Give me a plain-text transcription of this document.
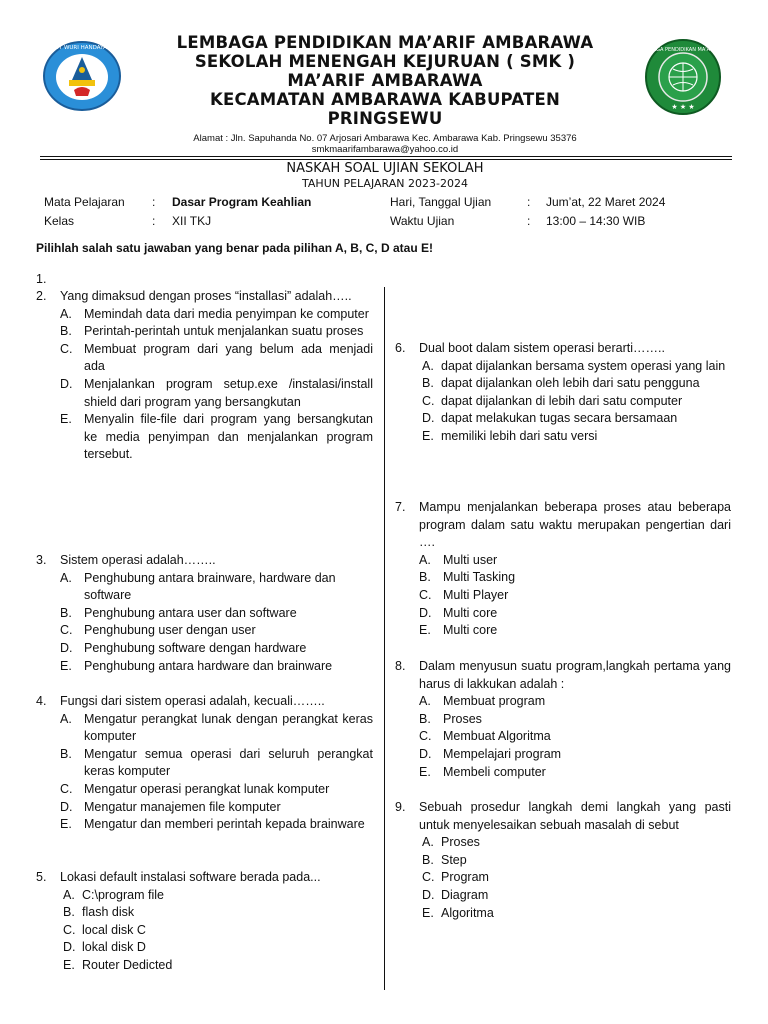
TUT WURI HANDAYANI	LEMBAGA PENDIDIKAN MA'ARIF NU
★ ★ ★
LEMBAGA PENDIDIKAN MA’ARIF AMBARAWA
SEKOLAH MENENGAH KEJURUAN ( SMK )
MA’ARIF AMBARAWA
KECAMATAN AMBARAWA KABUPATEN
PRINGSEWU
Alamat : Jln. Sapuhanda No. 07 Arjosari Ambarawa Kec. Ambarawa Kab. Pringsewu 35376
smkmaarifambarawa@yahoo.co.id
NASKAH SOAL UJIAN SEKOLAH
TAHUN PELAJARAN 2023-2024
Mata Pelajaran : Dasar Program Keahlian
Kelas	: XII TKJ
Hari, Tanggal Ujian	: Jum’at, 22 Maret 2024
Waktu Ujian	: 13:00 – 14:30 WIB
Pilihlah salah satu jawaban yang benar pada pilihan A, B, C, D atau E!
1.
2.	Yang dimaksud dengan proses “installasi” adalah…..
A. Memindah data dari media penyimpan ke computer
B. Perintah-perintah untuk menjalankan suatu proses
C. Membuat program dari yang belum ada menjadi ada
D. Menjalankan program setup.exe /instalasi/install shield dari program yang bersangkutan
E. Menyalin file-file dari program yang bersangkutan ke media penyimpan dan menjalankan program tersebut.
3.	Sistem operasi adalah……..
A. Penghubung antara brainware, hardware dan software
B. Penghubung antara user dan software
C. Penghubung user dengan user
D. Penghubung software dengan hardware
E. Penghubung antara hardware dan brainware
4.	Fungsi dari sistem operasi adalah, kecuali……..
A. Mengatur perangkat lunak dengan perangkat keras komputer
B. Mengatur semua operasi dari seluruh perangkat keras komputer
C. Mengatur operasi perangkat lunak komputer
D. Mengatur manajemen file komputer
E. Mengatur dan memberi perintah kepada brainware
5.	Lokasi default instalasi software berada pada...
A. C:\program file
B. flash disk
C. local disk C
D. lokal disk D
E. Router Dedicted
6.	Dual boot dalam sistem operasi berarti……..
A. dapat dijalankan bersama system operasi yang lain
B. dapat dijalankan oleh lebih dari satu pengguna
C. dapat dijalankan di lebih dari satu computer
D. dapat melakukan tugas secara bersamaan
E. memiliki lebih dari satu versi
7.	Mampu menjalankan beberapa proses atau beberapa program dalam satu waktu merupakan pengertian dari ….
A. Multi user
B. Multi Tasking
C. Multi Player
D. Multi core
E. Multi core
8.	Dalam menyusun suatu program,langkah pertama yang harus di lakkukan adalah :
A. Membuat program
B. Proses
C. Membuat Algoritma
D. Mempelajari program
E. Membeli computer
9.	Sebuah prosedur langkah demi langkah yang pasti untuk menyelesaikan sebuah masalah di sebut
A. Proses
B. Step
C. Program
D. Diagram
E. Algoritma
